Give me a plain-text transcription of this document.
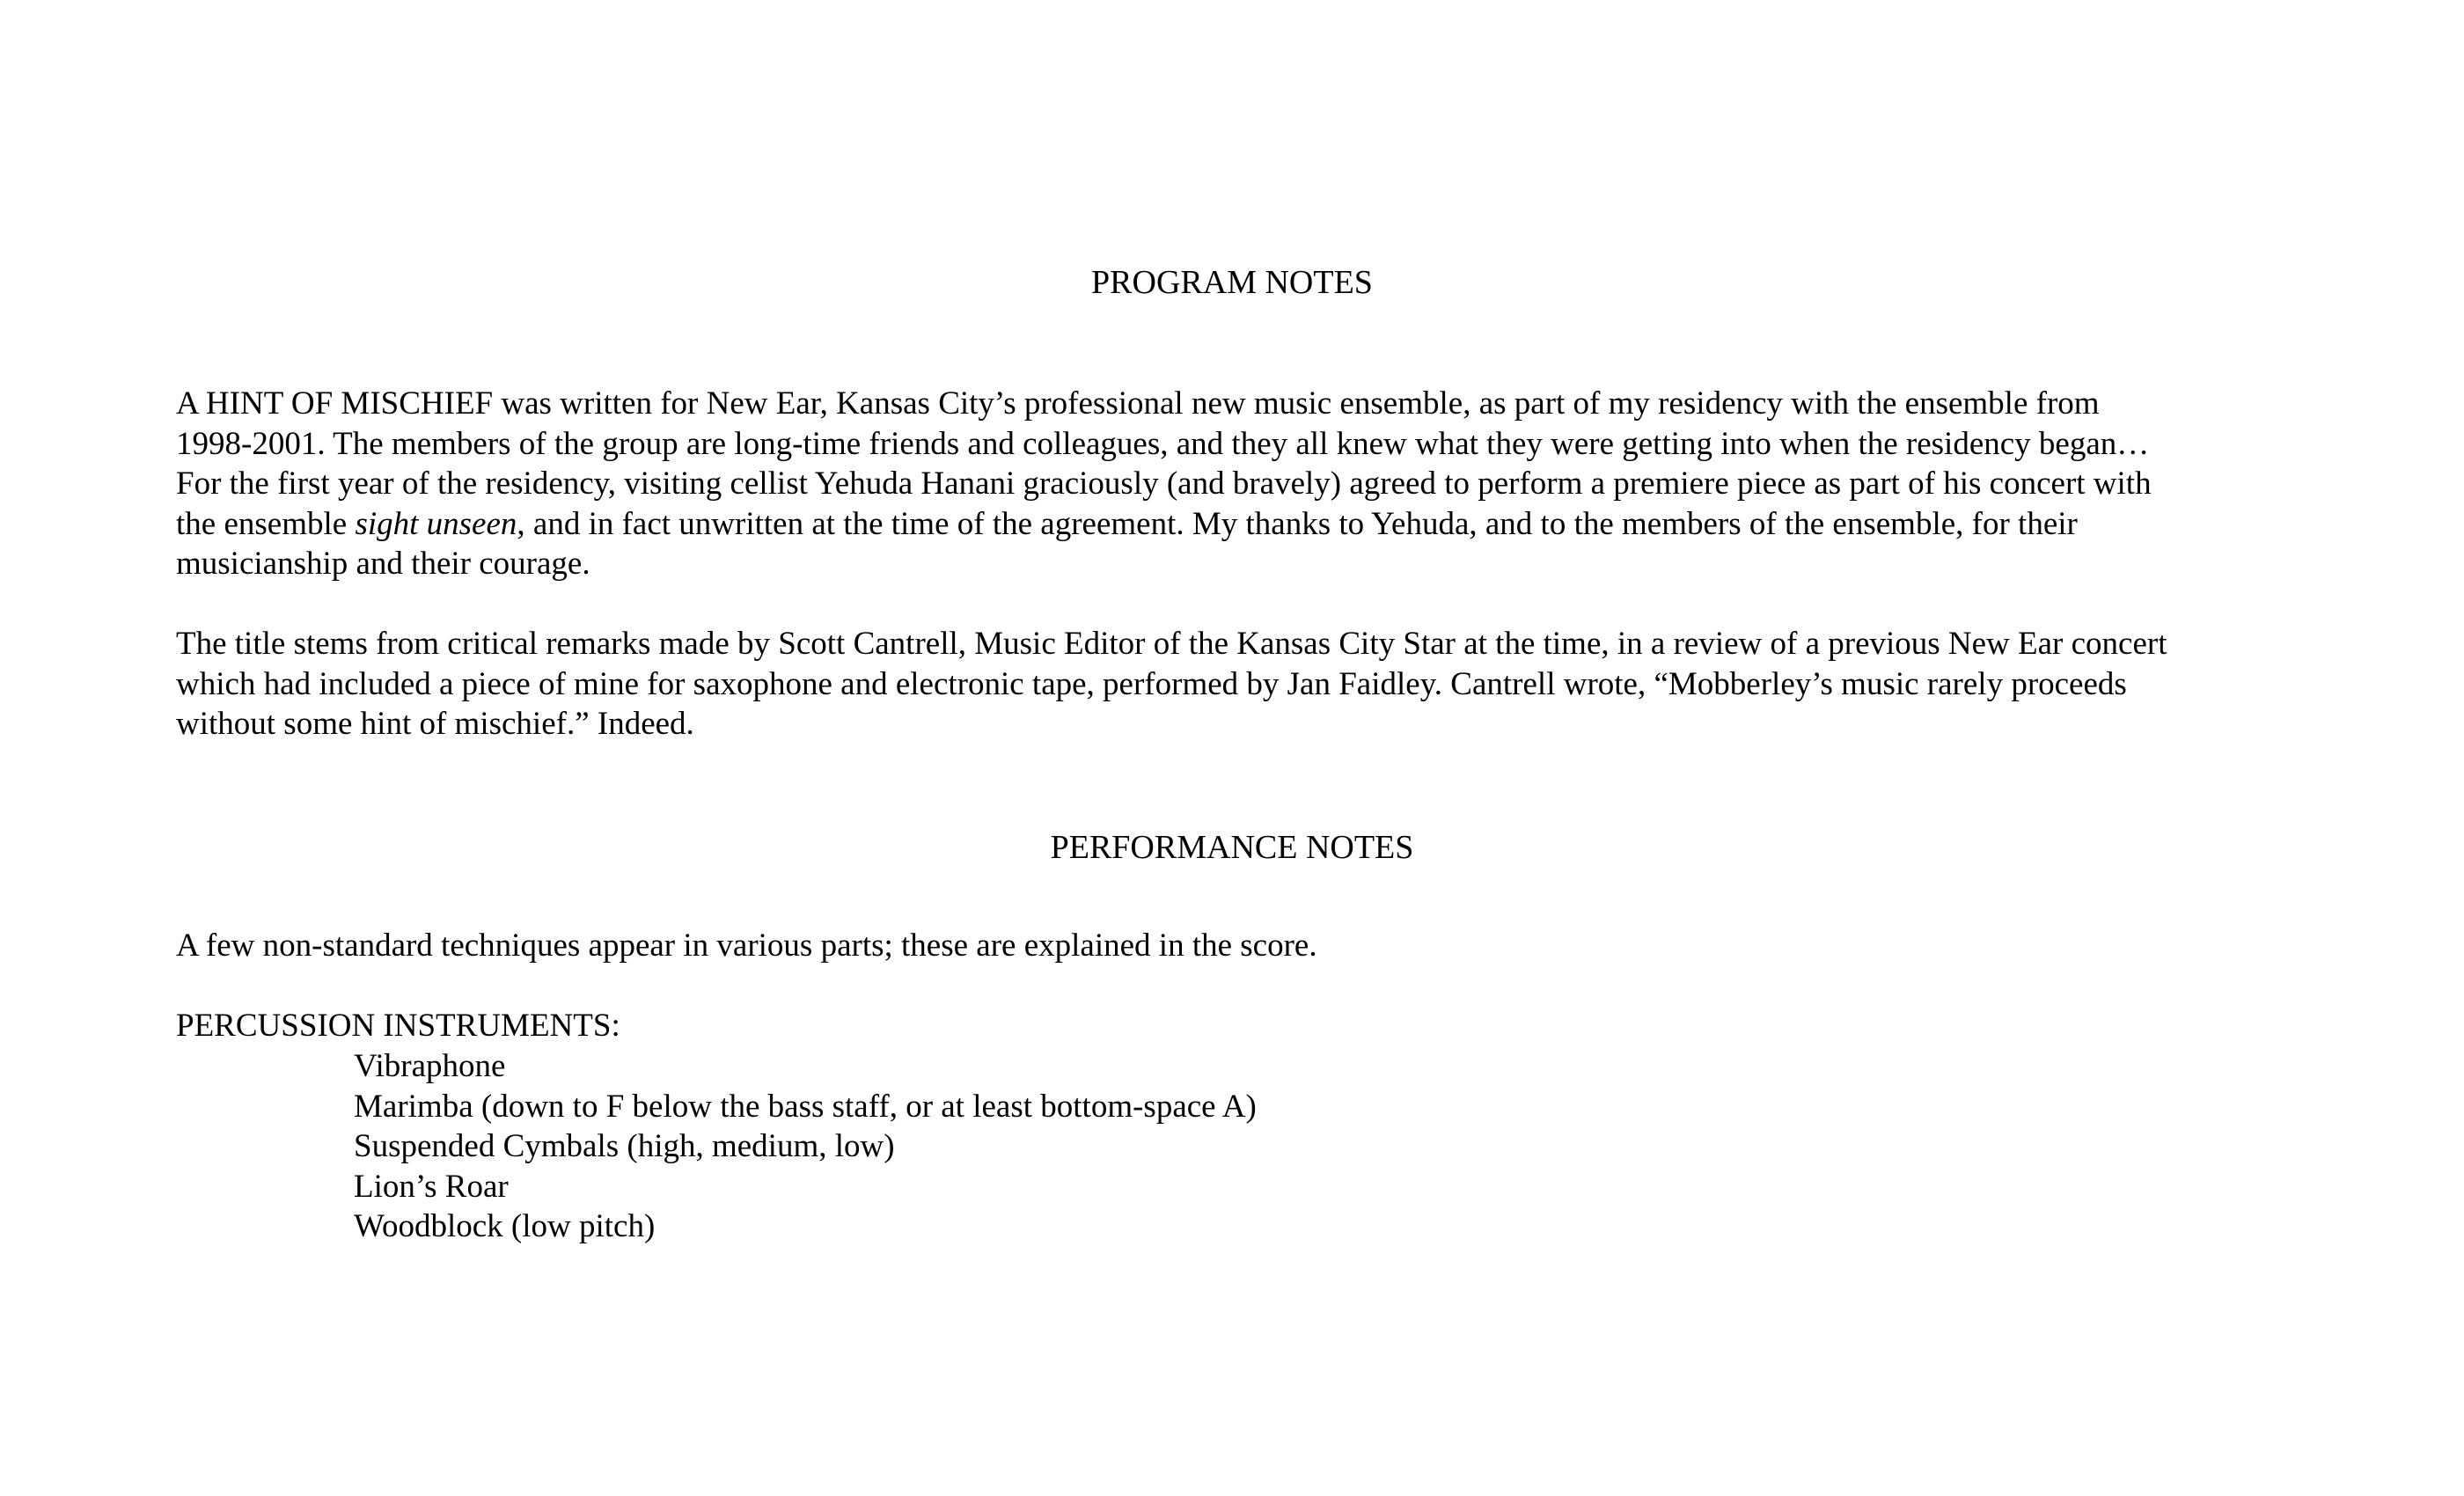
PROGRAM NOTES

A HINT OF MISCHIEF was written for New Ear, Kansas City’s professional new music ensemble, as part of my residency with the ensemble from
1998-2001. The members of the group are long-time friends and colleagues, and they all knew what they were getting into when the residency began…
For the first year of the residency, visiting cellist Yehuda Hanani graciously (and bravely) agreed to perform a premiere piece as part of his concert with
the ensemble sight unseen, and in fact unwritten at the time of the agreement. My thanks to Yehuda, and to the members of the ensemble, for their
musicianship and their courage.

The title stems from critical remarks made by Scott Cantrell, Music Editor of the Kansas City Star at the time, in a review of a previous New Ear concert
which had included a piece of mine for saxophone and electronic tape, performed by Jan Faidley. Cantrell wrote, “Mobberley’s music rarely proceeds
without some hint of mischief.” Indeed.

PERFORMANCE NOTES

A few non-standard techniques appear in various parts; these are explained in the score.

PERCUSSION INSTRUMENTS:

Vibraphone
Marimba (down to F below the bass staff, or at least bottom-space A)
Suspended Cymbals (high, medium, low)
Lion’s Roar
Woodblock (low pitch)
